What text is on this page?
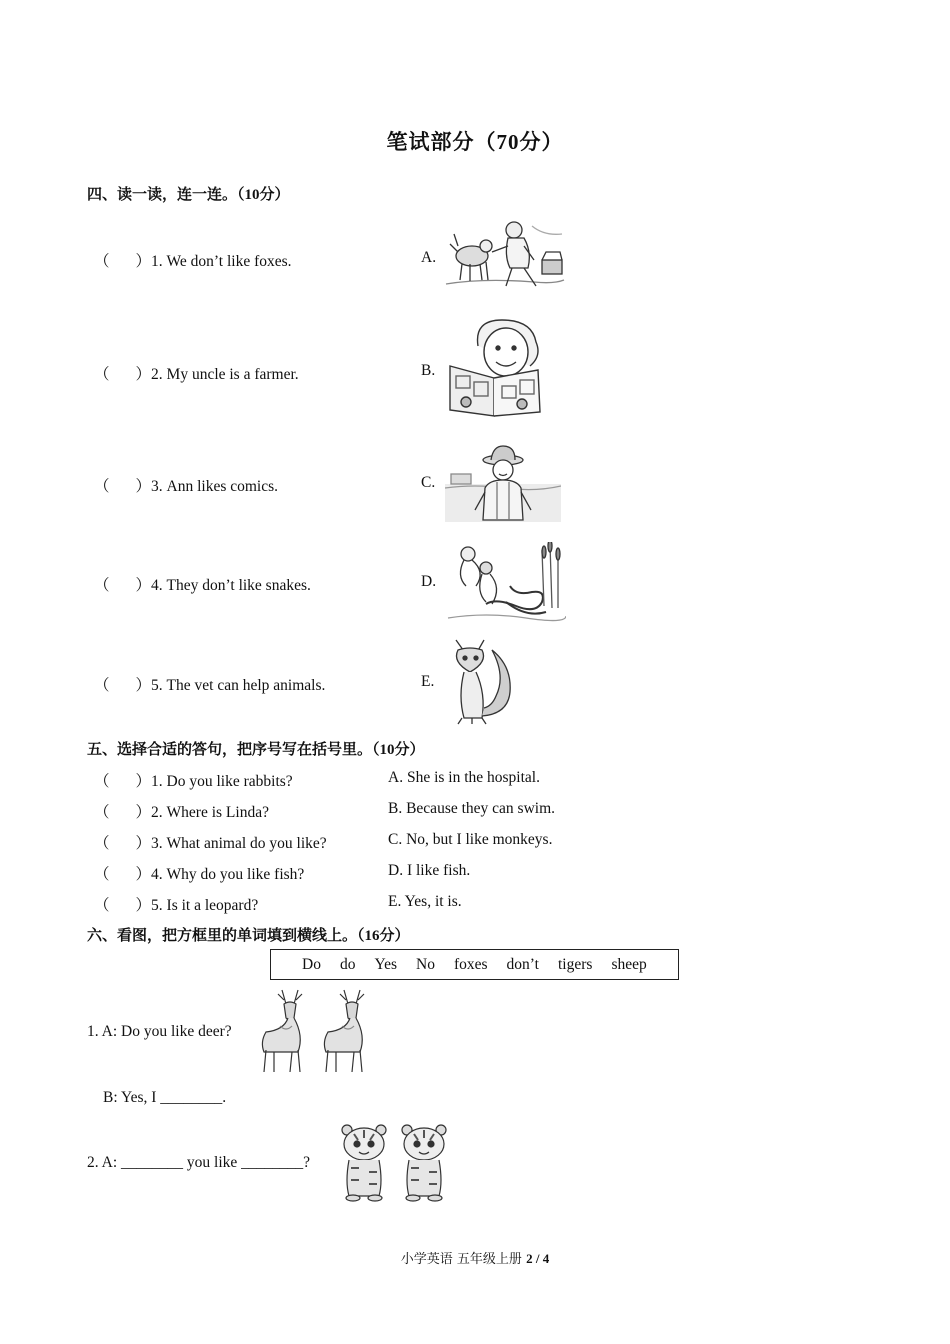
笔试部分（70分）
四、读一读，连一连。（10分）
（ ）1. We don’t like foxes.	A.
（ ）2. My uncle is a farmer.	B.
（ ）3. Ann likes comics.	C.
（ ）4. They don’t like snakes.	D.
（ ）5. The vet can help animals.	E.
五、选择合适的答句，把序号写在括号里。（10分）
（ ）1. Do you like rabbits?	A. She is in the hospital.
（ ）2. Where is Linda?	B. Because they can swim.
（ ）3. What animal do you like?	C. No, but I like monkeys.
（ ）4. Why do you like fish?	D. I like fish.
（ ）5. Is it a leopard?	E. Yes, it is.
六、看图，把方框里的单词填到横线上。（16分）
Do do Yes No foxes don’t tigers sheep
1. A: Do you like deer?
B: Yes, I ________.
2. A: ________ you like ________?
小学英语 五年级上册 2 / 4
